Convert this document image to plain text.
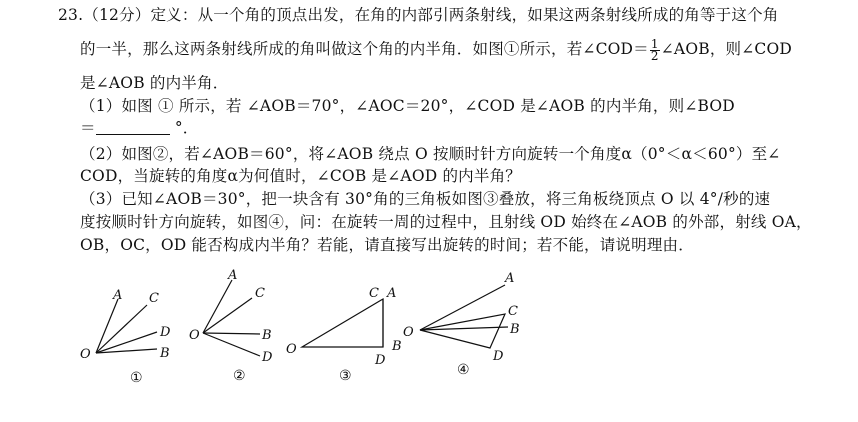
23.（12分）定义：从一个角的顶点出发，在角的内部引两条射线，如果这两条射线所成的角等于这个角
的一半，那么这两条射线所成的角叫做这个角的内半角．如图①所示，若∠COD＝ $\frac{1}{2}$ ∠AOB，则∠COD
是∠AOB 的内半角．
（1）如图 ① 所示，若 ∠AOB＝70°，∠AOC＝20°，∠COD 是∠AOB 的内半角，则∠BOD
＝	°．
（2）如图②，若∠AOB＝60°，将∠AOB 绕点 O 按顺时针方向旋转一个角度α（0°＜α＜60°）至∠
COD，当旋转的角度α为何值时，∠COB 是∠AOD 的内半角？
（3）已知∠AOB＝30°，把一块含有 30°角的三角板如图③叠放，将三角板绕顶点 O 以 4°/秒的速
度按顺时针方向旋转，如图④，问：在旋转一周的过程中，且射线 OD 始终在∠AOB 的外部，射线 OA，
OB，OC，OD 能否构成内半角？若能，请直接写出旋转的时间；若不能，请说明理由．
A C
D
B
O
①
A
C
B
D
O
②
C A
B
D
O
③
A
C
B
D
O
④
